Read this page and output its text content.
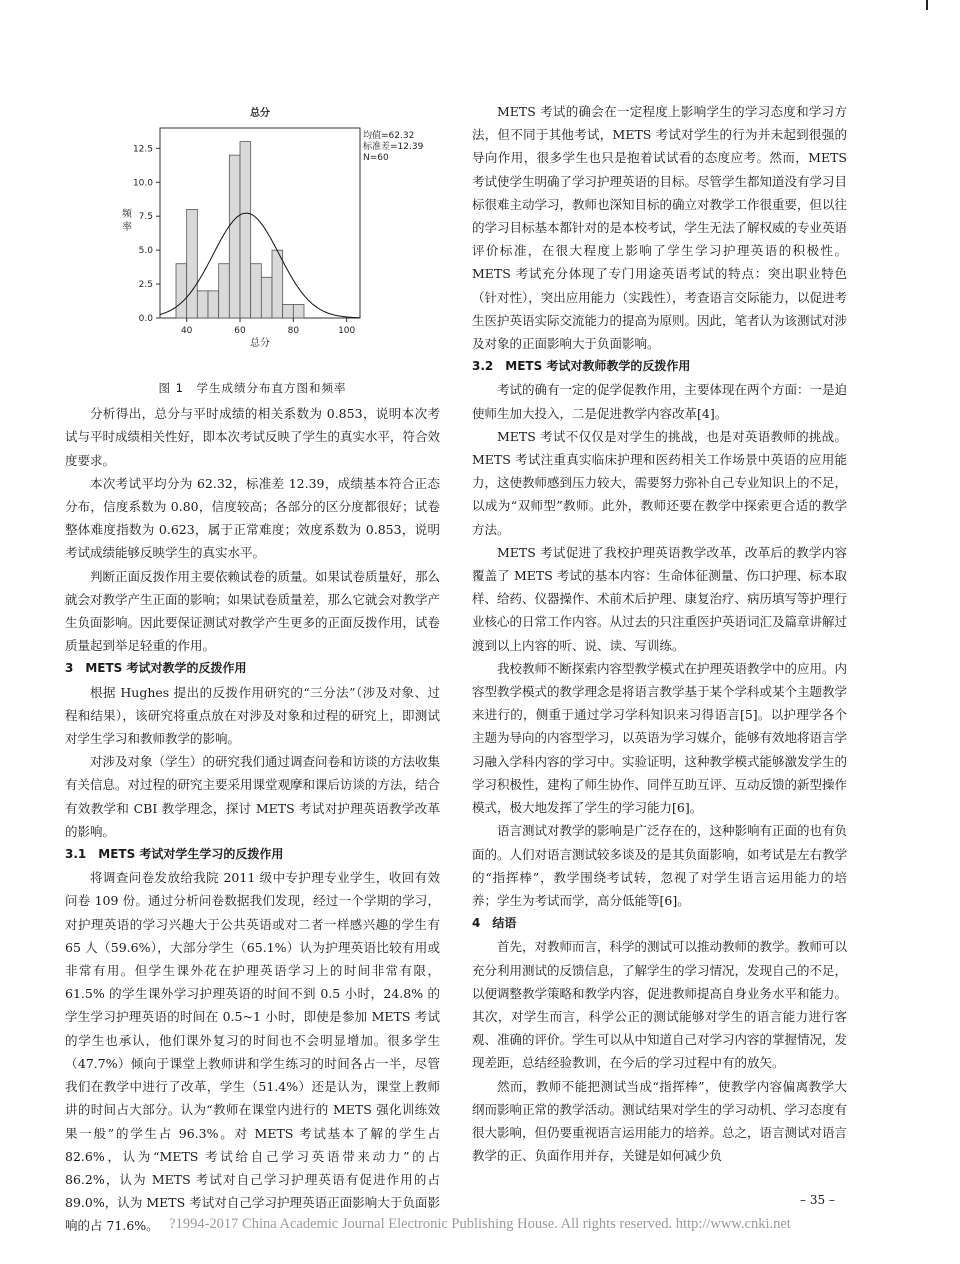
40	60	80	100
0.0
2.5
5.0
7.5
10.0
12.5
总分
总分
频率
均值=62.32
标准差=12.39
N=60

图 1　学生成绩分布直方图和频率

分析得出，总分与平时成绩的相关系数为 0.853，说明本次考试与平时成绩相关性好，即本次考试反映了学生的真实水平，符合效度要求。

本次考试平均分为 62.32，标准差 12.39，成绩基本符合正态分布，信度系数为 0.80，信度较高；各部分的区分度都很好；试卷整体难度指数为 0.623，属于正常难度；效度系数为 0.853，说明考试成绩能够反映学生的真实水平。

判断正面反拨作用主要依赖试卷的质量。如果试卷质量好，那么就会对教学产生正面的影响；如果试卷质量差，那么它就会对教学产生负面影响。因此要保证测试对教学产生更多的正面反拨作用，试卷质量起到举足轻重的作用。

3　METS 考试对教学的反拨作用

根据 Hughes 提出的反拨作用研究的“三分法”（涉及对象、过程和结果），该研究将重点放在对涉及对象和过程的研究上，即测试对学生学习和教师教学的影响。

对涉及对象（学生）的研究我们通过调查问卷和访谈的方法收集有关信息。对过程的研究主要采用课堂观摩和课后访谈的方法，结合有效教学和 CBI 教学理念，探讨 METS 考试对护理英语教学改革的影响。

3.1　METS 考试对学生学习的反拨作用

将调查问卷发放给我院 2011 级中专护理专业学生，收回有效问卷 109 份。通过分析问卷数据我们发现，经过一个学期的学习，对护理英语的学习兴趣大于公共英语或对二者一样感兴趣的学生有 65 人（59.6%），大部分学生（65.1%）认为护理英语比较有用或非常有用。但学生课外花在护理英语学习上的时间非常有限，61.5% 的学生课外学习护理英语的时间不到 0.5 小时，24.8% 的学生学习护理英语的时间在 0.5~1 小时，即使是参加 METS 考试的学生也承认，他们课外复习的时间也不会明显增加。很多学生（47.7%）倾向于课堂上教师讲和学生练习的时间各占一半，尽管我们在教学中进行了改革，学生（51.4%）还是认为，课堂上教师讲的时间占大部分。认为“教师在课堂内进行的 METS 强化训练效果一般”的学生占 96.3%。对 METS 考试基本了解的学生占 82.6%，认为“METS 考试给自己学习英语带来动力”的占 86.2%，认为 METS 考试对自己学习护理英语有促进作用的占 89.0%，认为 METS 考试对自己学习护理英语正面影响大于负面影响的占 71.6%。

METS 考试的确会在一定程度上影响学生的学习态度和学习方法，但不同于其他考试，METS 考试对学生的行为并未起到很强的导向作用，很多学生也只是抱着试试看的态度应考。然而，METS 考试使学生明确了学习护理英语的目标。尽管学生都知道没有学习目标很难主动学习，教师也深知目标的确立对教学工作很重要，但以往的学习目标基本都针对的是本校考试，学生无法了解权威的专业英语评价标准，在很大程度上影响了学生学习护理英语的积极性。METS 考试充分体现了专门用途英语考试的特点：突出职业特色（针对性），突出应用能力（实践性），考查语言交际能力，以促进考生医护英语实际交流能力的提高为原则。因此，笔者认为该测试对涉及对象的正面影响大于负面影响。

3.2　METS 考试对教师教学的反拨作用

考试的确有一定的促学促教作用，主要体现在两个方面：一是迫使师生加大投入，二是促进教学内容改革[4]。

METS 考试不仅仅是对学生的挑战，也是对英语教师的挑战。METS 考试注重真实临床护理和医药相关工作场景中英语的应用能力，这使教师感到压力较大，需要努力弥补自己专业知识上的不足，以成为“双师型”教师。此外，教师还要在教学中探索更合适的教学方法。

METS 考试促进了我校护理英语教学改革，改革后的教学内容覆盖了 METS 考试的基本内容：生命体征测量、伤口护理、标本取样、给药、仪器操作、术前术后护理、康复治疗、病历填写等护理行业核心的日常工作内容。从过去的只注重医护英语词汇及篇章讲解过渡到以上内容的听、说、读、写训练。

我校教师不断探索内容型教学模式在护理英语教学中的应用。内容型教学模式的教学理念是将语言教学基于某个学科或某个主题教学来进行的，侧重于通过学习学科知识来习得语言[5]。以护理学各个主题为导向的内容型学习，以英语为学习媒介，能够有效地将语言学习融入学科内容的学习中。实验证明，这种教学模式能够激发学生的学习积极性，建构了师生协作、同伴互助互评、互动反馈的新型操作模式，极大地发挥了学生的学习能力[6]。

语言测试对教学的影响是广泛存在的，这种影响有正面的也有负面的。人们对语言测试较多谈及的是其负面影响，如考试是左右教学的“指挥棒”，教学围绕考试转，忽视了对学生语言运用能力的培养；学生为考试而学，高分低能等[6]。

4　结语

首先，对教师而言，科学的测试可以推动教师的教学。教师可以充分利用测试的反馈信息，了解学生的学习情况，发现自己的不足，以便调整教学策略和教学内容，促进教师提高自身业务水平和能力。其次，对学生而言，科学公正的测试能够对学生的语言能力进行客观、准确的评价。学生可以从中知道自己对学习内容的掌握情况，发现差距，总结经验教训，在今后的学习过程中有的放矢。

然而，教师不能把测试当成“指挥棒”，使教学内容偏离教学大纲而影响正常的教学活动。测试结果对学生的学习动机、学习态度有很大影响，但仍要重视语言运用能力的培养。总之，语言测试对语言教学的正、负面作用并存，关键是如何减少负

– 35 –
?1994-2017 China Academic Journal Electronic Publishing House. All rights reserved. http://www.cnki.net
